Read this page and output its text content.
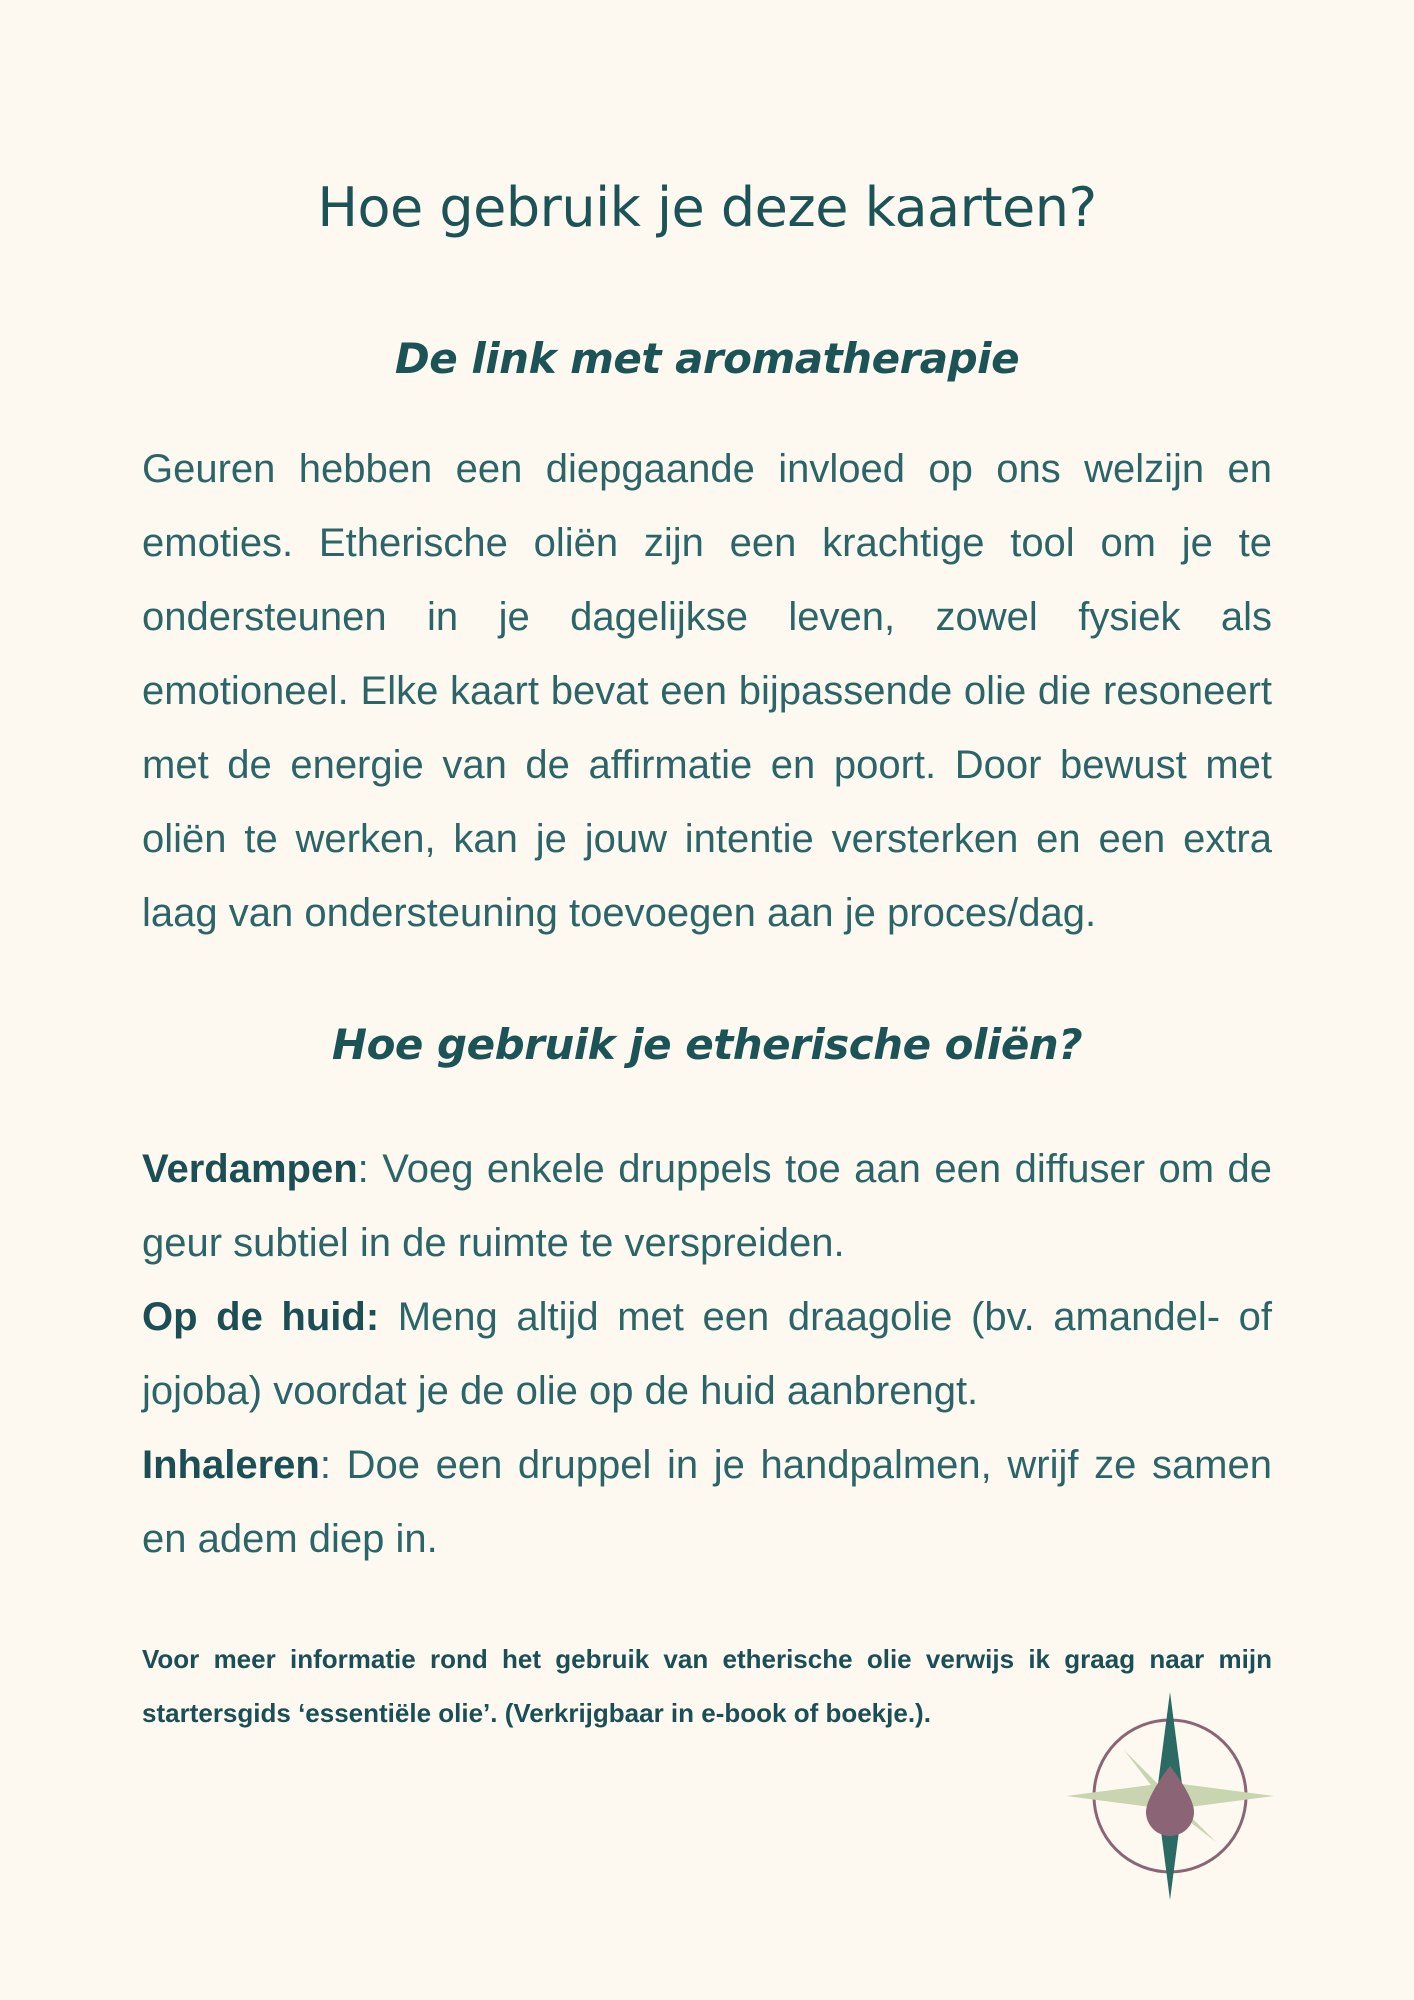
Hoe gebruik je deze kaarten?
De link met aromatherapie

Geuren hebben een diepgaande invloed op ons welzijn en emoties. Etherische oliën zijn een krachtige tool om je te ondersteunen in je dagelijkse leven, zowel fysiek als emotioneel. Elke kaart bevat een bijpassende olie die resoneert met de energie van de affirmatie en poort. Door bewust met oliën te werken, kan je jouw intentie versterken en een extra laag van ondersteuning toevoegen aan je proces/dag.

Hoe gebruik je etherische oliën?
Verdampen: Voeg enkele druppels toe aan een diffuser om de geur subtiel in de ruimte te verspreiden.
Op de huid: Meng altijd met een draagolie (bv. amandel- of jojoba) voordat je de olie op de huid aanbrengt.
Inhaleren: Doe een druppel in je handpalmen, wrijf ze samen en adem diep in.

Voor meer informatie rond het gebruik van etherische olie verwijs ik graag naar mijn startersgids ‘essentiële olie’. (Verkrijgbaar in e-book of boekje.).
